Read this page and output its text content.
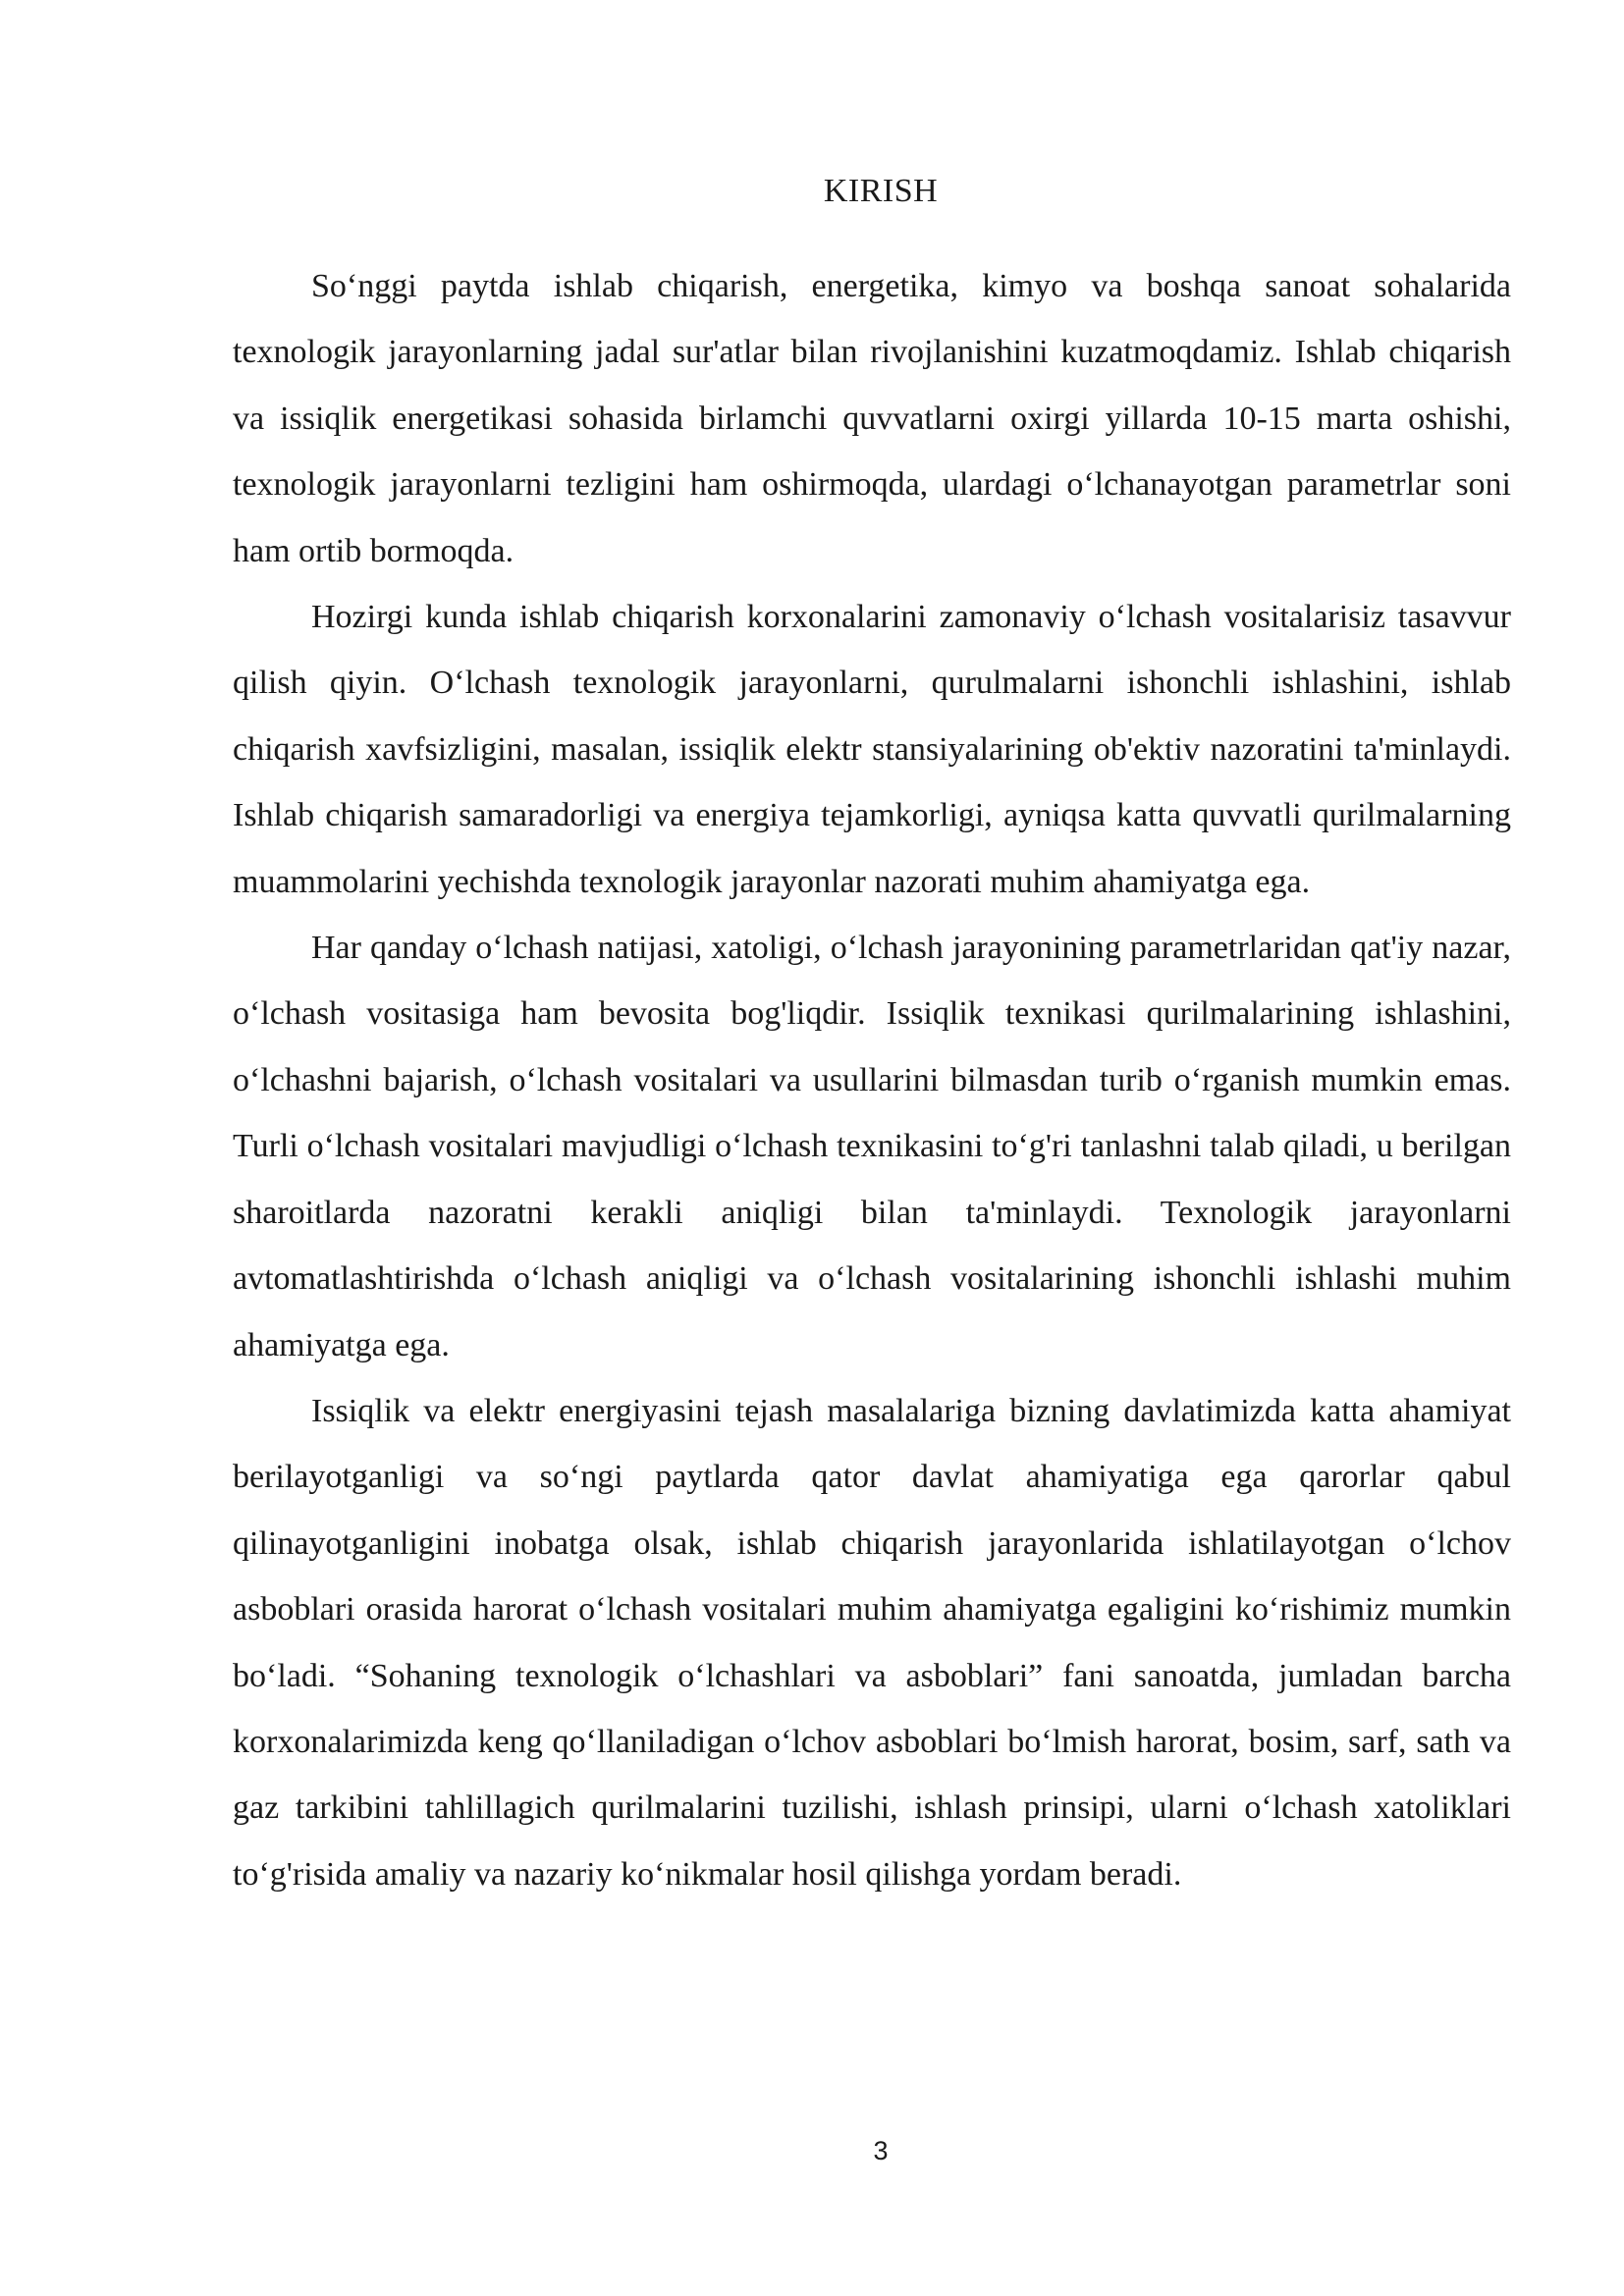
KIRISH

So‘nggi paytda ishlab chiqarish, energetika, kimyo va boshqa sanoat sohalarida texnologik jarayonlarning jadal sur'atlar bilan rivojlanishini kuzatmoqdamiz. Ishlab chiqarish va issiqlik energetikasi sohasida birlamchi quvvatlarni oxirgi yillarda 10-15 marta oshishi, texnologik jarayonlarni tezligini ham oshirmoqda, ulardagi o‘lchanayotgan parametrlar soni ham ortib bormoqda.

Hozirgi kunda ishlab chiqarish korxonalarini zamonaviy o‘lchash vositalarisiz tasavvur qilish qiyin. O‘lchash texnologik jarayonlarni, qurulmalarni ishonchli ishlashini, ishlab chiqarish xavfsizligini, masalan, issiqlik elektr stansiyalarining ob'ektiv nazoratini ta'minlaydi. Ishlab chiqarish samaradorligi va energiya tejamkorligi, ayniqsa katta quvvatli qurilmalarning muammolarini yechishda texnologik jarayonlar nazorati muhim ahamiyatga ega.

Har qanday o‘lchash natijasi, xatoligi, o‘lchash jarayonining parametrlaridan qat'iy nazar, o‘lchash vositasiga ham bevosita bog'liqdir. Issiqlik texnikasi qurilmalarining ishlashini, o‘lchashni bajarish, o‘lchash vositalari va usullarini bilmasdan turib o‘rganish mumkin emas. Turli o‘lchash vositalari mavjudligi o‘lchash texnikasini to‘g'ri tanlashni talab qiladi, u berilgan sharoitlarda nazoratni kerakli aniqligi bilan ta'minlaydi. Texnologik jarayonlarni avtomatlashtirishda o‘lchash aniqligi va o‘lchash vositalarining ishonchli ishlashi muhim ahamiyatga ega.

Issiqlik va elektr energiyasini tejash masalalariga bizning davlatimizda katta ahamiyat berilayotganligi va so‘ngi paytlarda qator davlat ahamiyatiga ega qarorlar qabul qilinayotganligini inobatga olsak, ishlab chiqarish jarayonlarida ishlatilayotgan o‘lchov asboblari orasida harorat o‘lchash vositalari muhim ahamiyatga egaligini ko‘rishimiz mumkin bo‘ladi. “Sohaning texnologik o‘lchashlari va asboblari” fani sanoatda, jumladan barcha korxonalarimizda keng qo‘llaniladigan o‘lchov asboblari bo‘lmish harorat, bosim, sarf, sath va gaz tarkibini tahlillagich qurilmalarini tuzilishi, ishlash prinsipi, ularni o‘lchash xatoliklari to‘g'risida amaliy va nazariy ko‘nikmalar hosil qilishga yordam beradi.

3
